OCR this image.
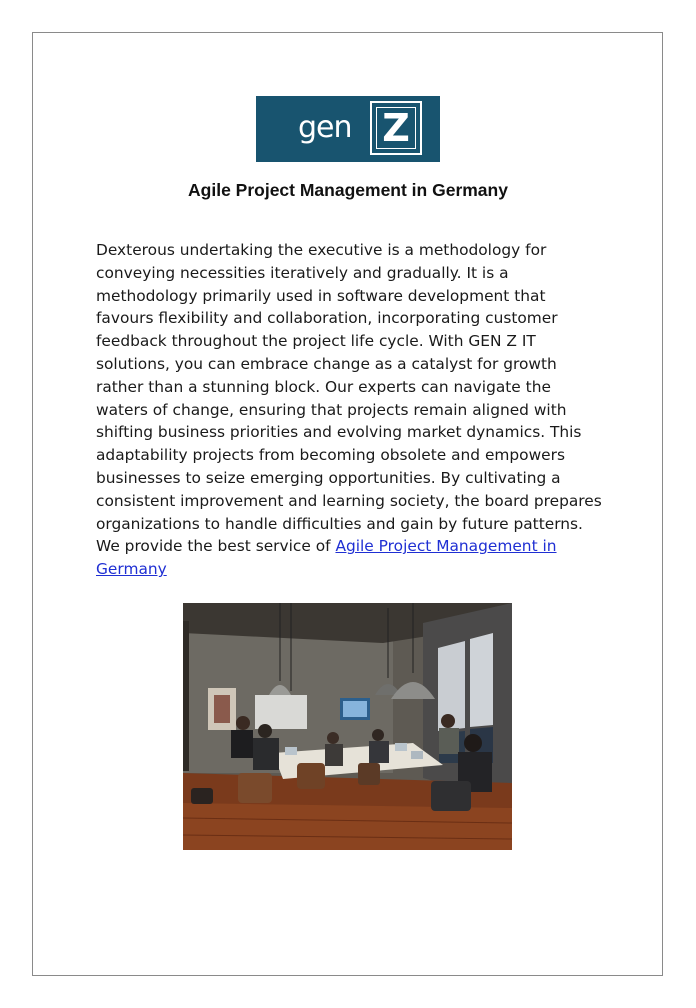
gen Z
Agile Project Management in Germany
Dexterous undertaking the executive is a methodology for conveying necessities iteratively and gradually. It is a methodology primarily used in software development that favours flexibility and collaboration, incorporating customer feedback throughout the project life cycle. With GEN Z IT solutions, you can embrace change as a catalyst for growth rather than a stunning block. Our experts can navigate the waters of change, ensuring that projects remain aligned with shifting business priorities and evolving market dynamics. This adaptability projects from becoming obsolete and empowers businesses to seize emerging opportunities. By cultivating a consistent improvement and learning society, the board prepares organizations to handle difficulties and gain by future patterns. We provide the best service of Agile Project Management in Germany
